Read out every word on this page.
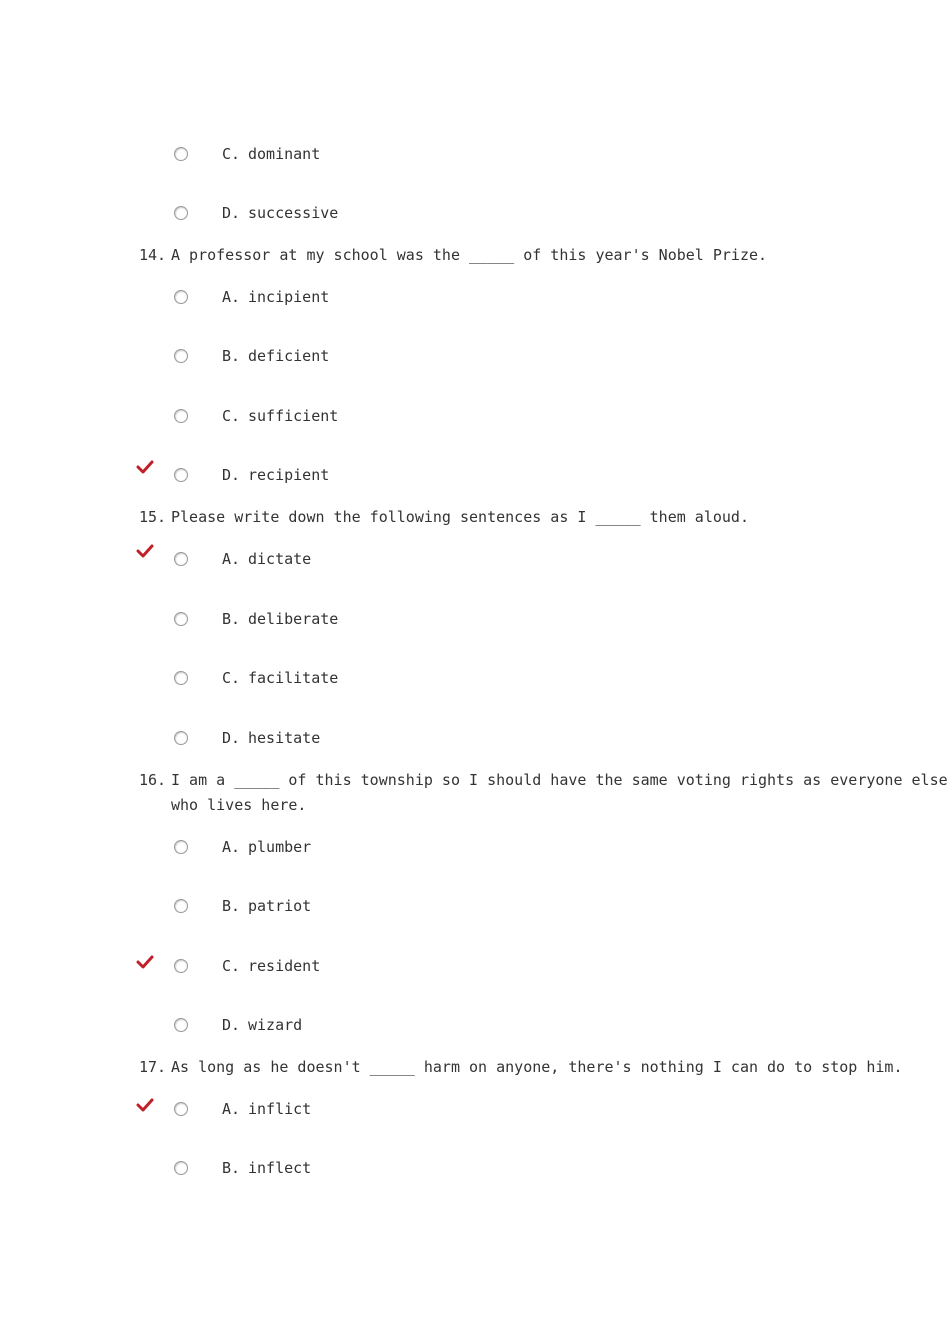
C. dominant
D. successive
14. A professor at my school was the _____ of this year's Nobel Prize.
A. incipient
B. deficient
C. sufficient
D. recipient
15. Please write down the following sentences as I _____ them aloud.
A. dictate
B. deliberate
C. facilitate
D. hesitate
16. I am a _____ of this township so I should have the same voting rights as everyone else
who lives here.
A. plumber
B. patriot
C. resident
D. wizard
17. As long as he doesn't _____ harm on anyone, there's nothing I can do to stop him.
A. inflict
B. inflect
